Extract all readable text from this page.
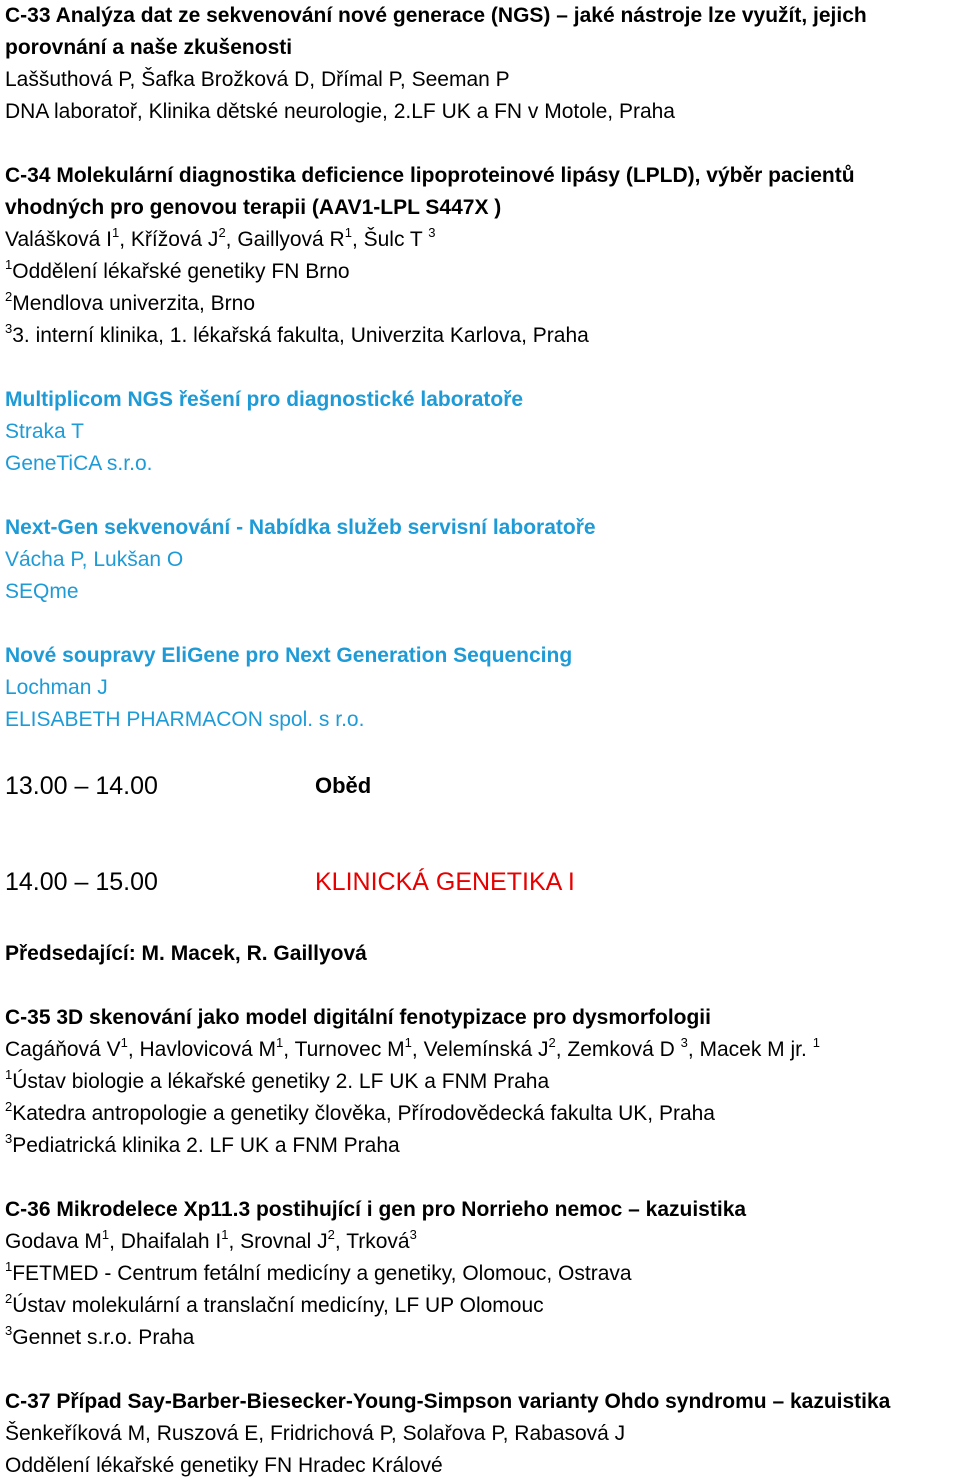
C-33 Analýza dat ze sekvenování nové generace (NGS) – jaké nástroje lze využít, jejich porovnání a naše zkušenosti

Laššuthová P, Šafka Brožková D, Dřímal P, Seeman P

DNA laboratoř, Klinika dětské neurologie, 2.LF UK a FN v Motole, Praha

C-34 Molekulární diagnostika deficience lipoproteinové lipásy (LPLD), výběr pacientů vhodných pro genovou terapii (AAV1-LPL S447X )

Valášková $I^1$, Křížová $J^2$, Gaillyová $R^1$, Šulc T $^3$

$^1$Oddělení lékařské genetiky FN Brno

$^2$Mendlova univerzita, Brno

$^3$3. interní klinika, 1. lékařská fakulta, Univerzita Karlova, Praha

Multiplicom NGS řešení pro diagnostické laboratoře

Straka T

GeneTiCA s.r.o.

Next-Gen sekvenování - Nabídka služeb servisní laboratoře

Vácha P, Lukšan O

SEQme

Nové soupravy EliGene pro Next Generation Sequencing

Lochman J

ELISABETH PHARMACON spol. s r.o.

13.00 – 14.00	Oběd
14.00 – 15.00	KLINICKÁ GENETIKA I

Předsedající: M. Macek, R. Gaillyová

C-35 3D skenování jako model digitální fenotypizace pro dysmorfologii

Cagáňová $V^1$, Havlovicová $M^1$, Turnovec $M^1$, Velemínská $J^2$, Zemková D $^3$, Macek M jr. $^1$

$^1$Ústav biologie a lékařské genetiky 2. LF UK a FNM Praha

$^2$Katedra antropologie a genetiky člověka, Přírodovědecká fakulta UK, Praha

$^3$Pediatrická klinika 2. LF UK a FNM Praha

C-36 Mikrodelece Xp11.3 postihující i gen pro Norrieho nemoc – kazuistika

Godava $M^1$, Dhaifalah $I^1$, Srovnal $J^2$, Trková$^3$

$^1$FETMED - Centrum fetální medicíny a genetiky, Olomouc, Ostrava

$^2$Ústav molekulární a translační medicíny, LF UP Olomouc

$^3$Gennet s.r.o. Praha

C-37 Případ Say-Barber-Biesecker-Young-Simpson varianty Ohdo syndromu – kazuistika

Šenkeříková M, Ruszová E, Fridrichová P, Solařova P, Rabasová J

Oddělení lékařské genetiky FN Hradec Králové
